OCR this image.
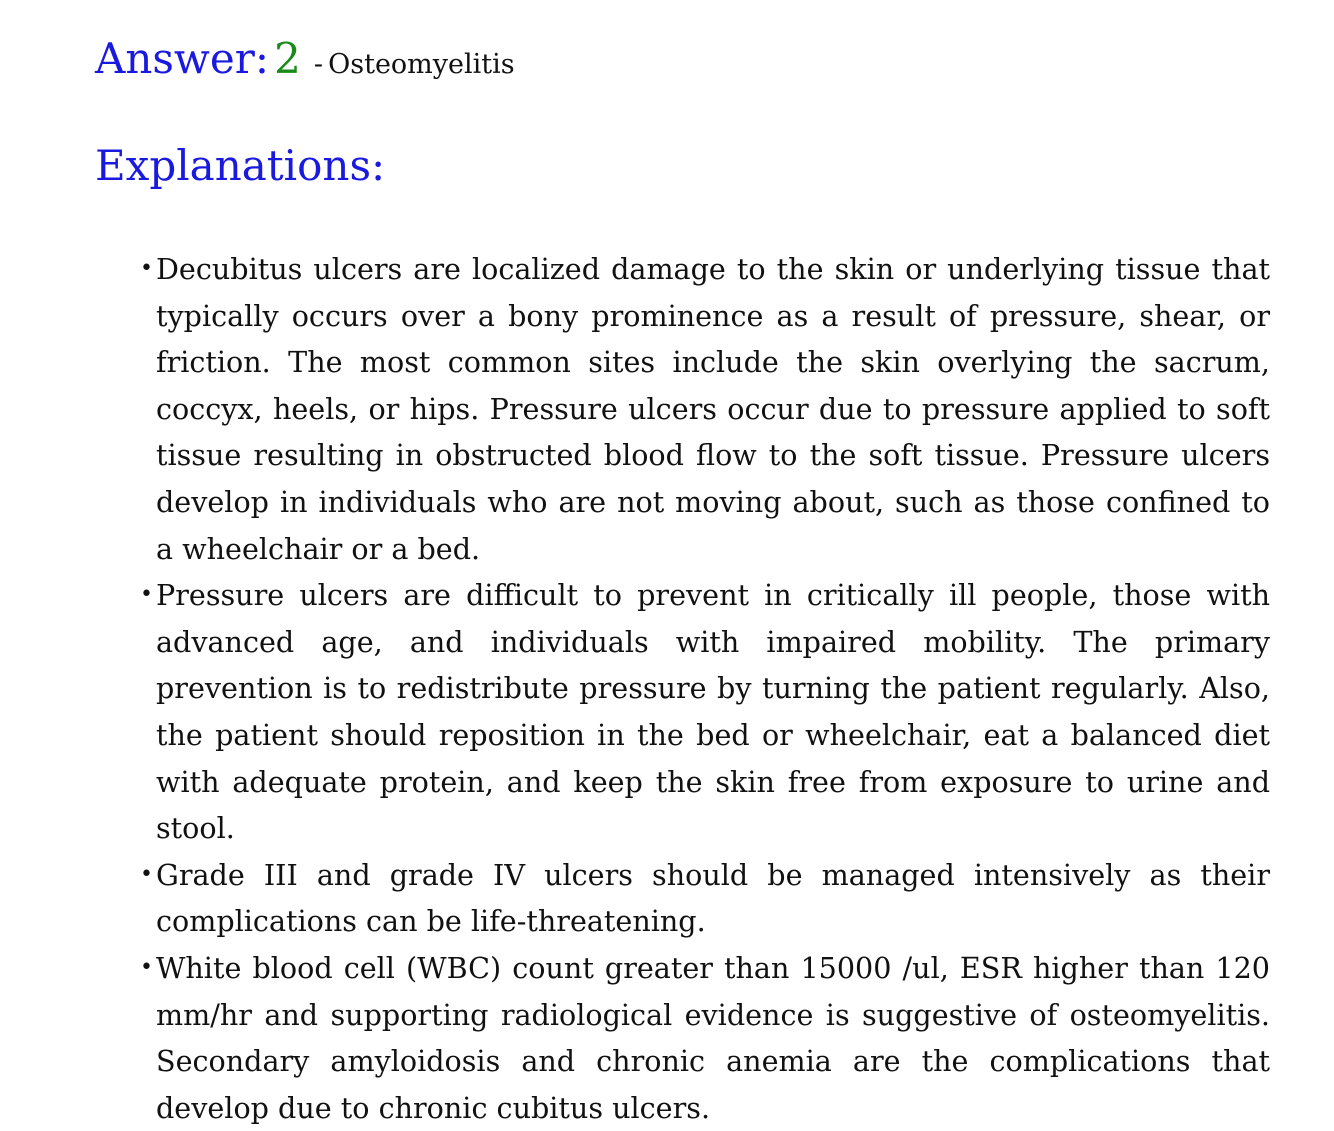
Answer: 2 - Osteomyelitis
Explanations:
• Decubitus ulcers are localized damage to the skin or underlying tissue that typically occurs over a bony prominence as a result of pressure, shear, or friction. The most common sites include the skin overlying the sacrum, coccyx, heels, or hips. Pressure ulcers occur due to pressure applied to soft tissue resulting in obstructed blood flow to the soft tissue. Pressure ulcers develop in individuals who are not moving about, such as those confined to a wheelchair or a bed.
• Pressure ulcers are difficult to prevent in critically ill people, those with advanced age, and individuals with impaired mobility. The primary prevention is to redistribute pressure by turning the patient regularly. Also, the patient should reposition in the bed or wheelchair, eat a balanced diet with adequate protein, and keep the skin free from exposure to urine and stool.
• Grade III and grade IV ulcers should be managed intensively as their complications can be life-threatening.
• White blood cell (WBC) count greater than 15000 /ul, ESR higher than 120 mm/hr and supporting radiological evidence is suggestive of osteomyelitis. Secondary amyloidosis and chronic anemia are the complications that develop due to chronic cubitus ulcers.
